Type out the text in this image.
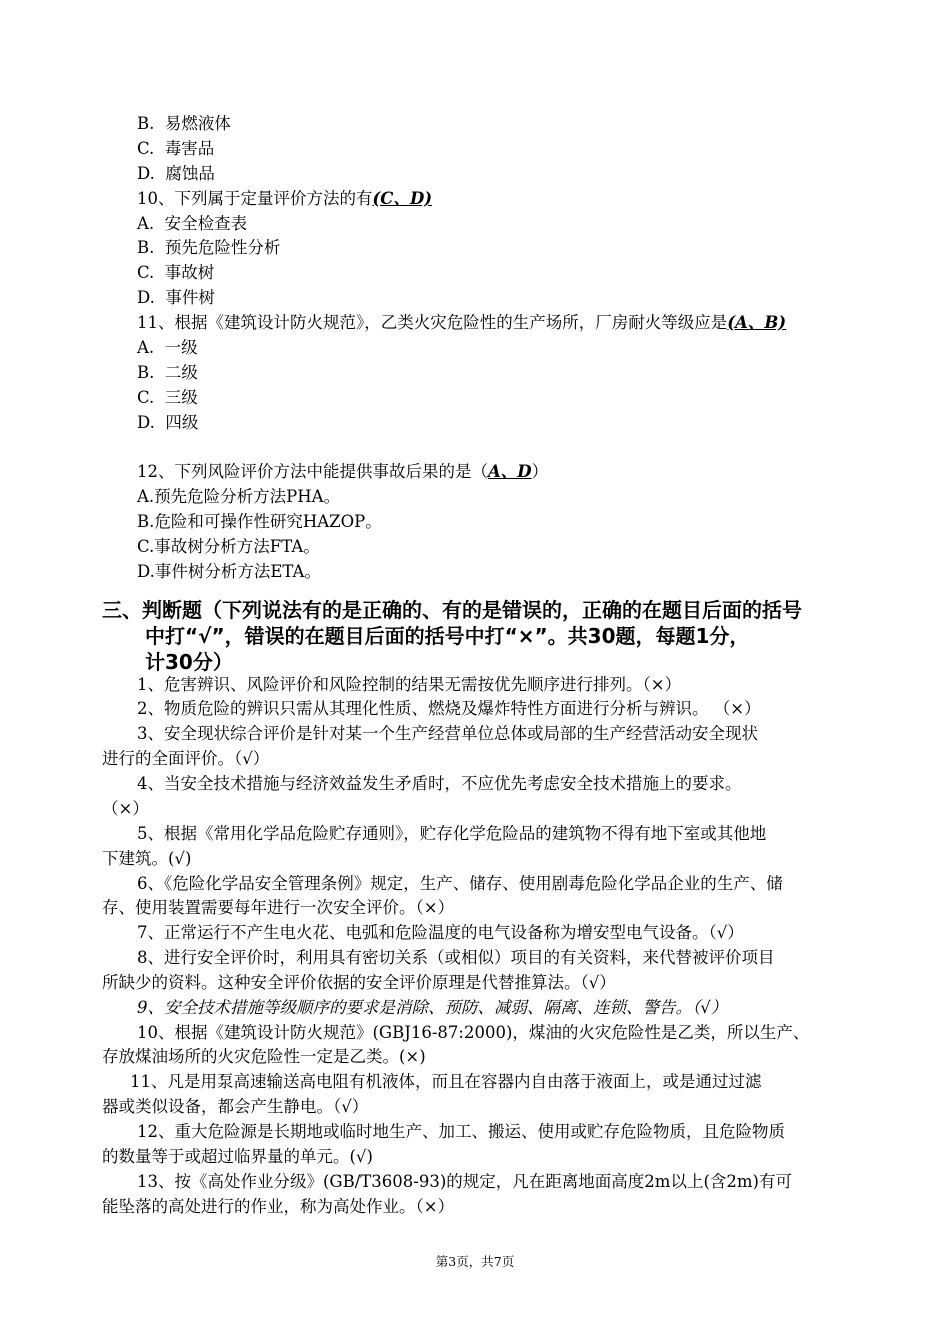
B.  易燃液体
C.  毒害品
D.  腐蚀品
10、下列属于定量评价方法的有(C、D)
A.  安全检查表
B.  预先危险性分析
C.  事故树
D.  事件树
11、根据《建筑设计防火规范》，乙类火灾危险性的生产场所，厂房耐火等级应是(A、B)
A.  一级
B.  二级
C.  三级
D.  四级
12、下列风险评价方法中能提供事故后果的是（A、D）
A.预先危险分析方法PHA。
B.危险和可操作性研究HAZOP。
C.事故树分析方法FTA。
D.事件树分析方法ETA。
三、判断题（下列说法有的是正确的、有的是错误的，正确的在题目后面的括号
中打“√”，错误的在题目后面的括号中打“×”。共30题，每题1分，
计30分）
1、危害辨识、风险评价和风险控制的结果无需按优先顺序进行排列。（×）
2、物质危险的辨识只需从其理化性质、燃烧及爆炸特性方面进行分析与辨识。 （×）
3、安全现状综合评价是针对某一个生产经营单位总体或局部的生产经营活动安全现状
进行的全面评价。（√）
4、当安全技术措施与经济效益发生矛盾时，不应优先考虑安全技术措施上的要求。
（×）
5、根据《常用化学品危险贮存通则》，贮存化学危险品的建筑物不得有地下室或其他地
下建筑。(√)
6、《危险化学品安全管理条例》规定，生产、储存、使用剧毒危险化学品企业的生产、储
存、使用装置需要每年进行一次安全评价。（×）
7、正常运行不产生电火花、电弧和危险温度的电气设备称为增安型电气设备。（√）
8、进行安全评价时，利用具有密切关系（或相似）项目的有关资料，来代替被评价项目
所缺少的资料。这种安全评价依据的安全评价原理是代替推算法。（√）
9、安全技术措施等级顺序的要求是消除、预防、减弱、隔离、连锁、警告。（√）
10、根据《建筑设计防火规范》(GBJ16-87:2000)，煤油的火灾危险性是乙类，所以生产、
存放煤油场所的火灾危险性一定是乙类。(×)
11、凡是用泵高速输送高电阻有机液体，而且在容器内自由落于液面上，或是通过过滤
器或类似设备，都会产生静电。（√）
12、重大危险源是长期地或临时地生产、加工、搬运、使用或贮存危险物质，且危险物质
的数量等于或超过临界量的单元。(√)
13、按《高处作业分级》(GB/T3608-93)的规定，凡在距离地面高度2m以上(含2m)有可
能坠落的高处进行的作业，称为高处作业。（×）
第3页，共7页
